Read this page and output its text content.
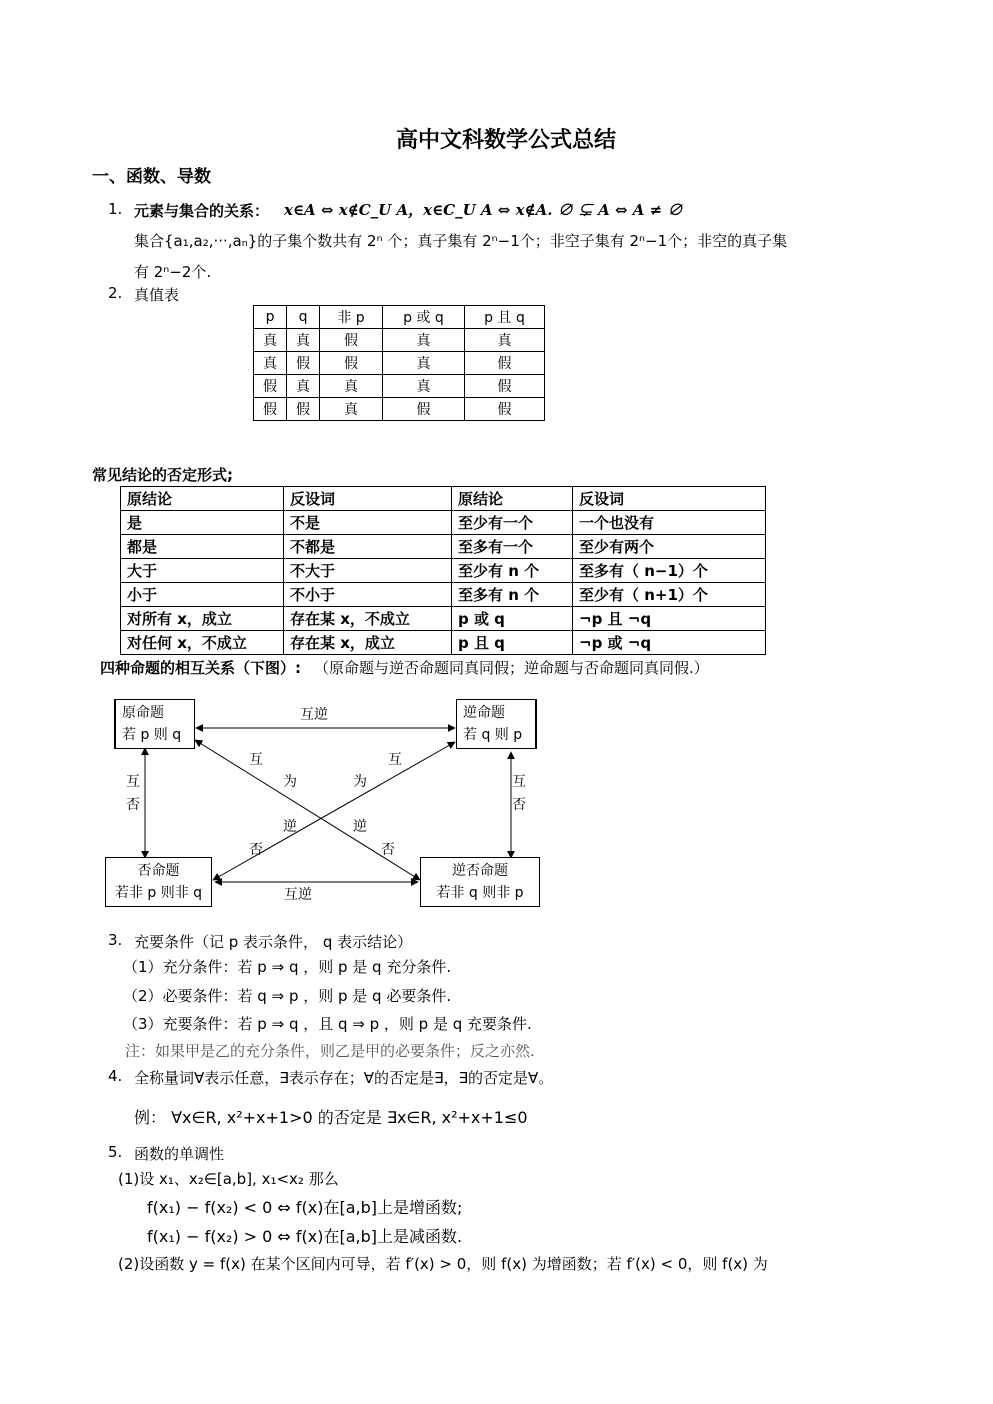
高中文科数学公式总结
一、函数、导数
1. 元素与集合的关系： x∈A ⇔ x∉C_U A，x∈C_U A ⇔ x∉A. ∅ ⊊ A ⇔ A ≠ ∅
集合{a₁,a₂,···,aₙ}的子集个数共有 2ⁿ 个；真子集有 2ⁿ−1个；非空子集有 2ⁿ−1个；非空的真子集
有 2ⁿ−2个.
2. 真值表
p	q	非 p	p 或 q	p 且 q
真	真	假	真	真
真	假	假	真	假
假	真	真	真	假
假	假	真	假	假
常见结论的否定形式;
原结论	反设词	原结论	反设词
是	不是	至少有一个	一个也没有
都是	不都是	至多有一个	至少有两个
大于	不大于	至少有 n 个	至多有（ n−1）个
小于	不小于	至多有 n 个	至少有（ n+1）个
对所有 x，成立	存在某 x，不成立	p 或 q	¬p 且 ¬q
对任何 x，不成立	存在某 x，成立	p 且 q	¬p 或 ¬q
四种命题的相互关系（下图）: （原命题与逆否命题同真同假；逆命题与否命题同真同假.）
原命题
若 p 则 q
逆命题
若 q 则 p
否命题
若非 p 则非 q
逆否命题
若非 q 则非 p
互逆
互逆
互
否
互
否
互
为
逆
否
互
为
逆
否
3. 充要条件（记 p 表示条件， q 表示结论）
（1）充分条件：若 p ⇒ q ，则 p 是 q 充分条件.
（2）必要条件：若 q ⇒ p ，则 p 是 q 必要条件.
（3）充要条件：若 p ⇒ q ，且 q ⇒ p ，则 p 是 q 充要条件.
注：如果甲是乙的充分条件，则乙是甲的必要条件；反之亦然.
4. 全称量词∀表示任意，∃表示存在；∀的否定是∃，∃的否定是∀。
例： ∀x∈R, x²+x+1>0 的否定是 ∃x∈R, x²+x+1≤0
5. 函数的单调性
(1)设 x₁、x₂∈[a,b], x₁<x₂ 那么
f(x₁) − f(x₂) < 0 ⇔ f(x)在[a,b]上是增函数;
f(x₁) − f(x₂) > 0 ⇔ f(x)在[a,b]上是减函数.
(2)设函数 y = f(x) 在某个区间内可导，若 f′(x) > 0，则 f(x) 为增函数；若 f′(x) < 0，则 f(x) 为
